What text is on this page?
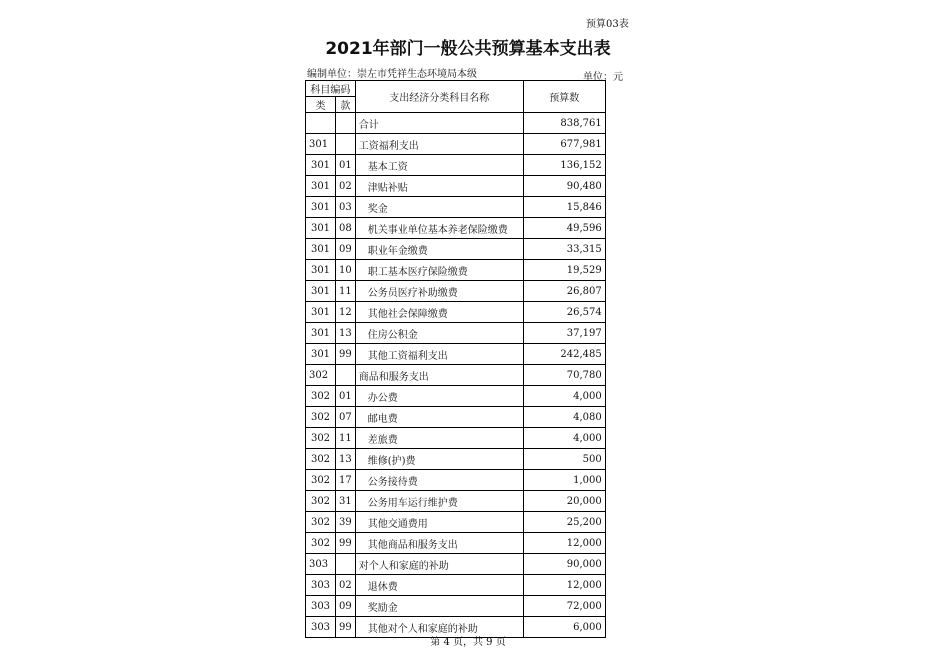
预算03表
2021年部门一般公共预算基本支出表
编制单位：崇左市凭祥生态环境局本级	单位：元
科目编码		支出经济分类科目名称	预算数
类	款		
		合计	838,761
301		工资福利支出	677,981
301	01	基本工资	136,152
301	02	津贴补贴	90,480
301	03	奖金	15,846
301	08	机关事业单位基本养老保险缴费	49,596
301	09	职业年金缴费	33,315
301	10	职工基本医疗保险缴费	19,529
301	11	公务员医疗补助缴费	26,807
301	12	其他社会保障缴费	26,574
301	13	住房公积金	37,197
301	99	其他工资福利支出	242,485
302		商品和服务支出	70,780
302	01	办公费	4,000
302	07	邮电费	4,080
302	11	差旅费	4,000
302	13	维修(护)费	500
302	17	公务接待费	1,000
302	31	公务用车运行维护费	20,000
302	39	其他交通费用	25,200
302	99	其他商品和服务支出	12,000
303		对个人和家庭的补助	90,000
303	02	退休费	12,000
303	09	奖励金	72,000
303	99	其他对个人和家庭的补助	6,000
第 4 页，共 9 页
